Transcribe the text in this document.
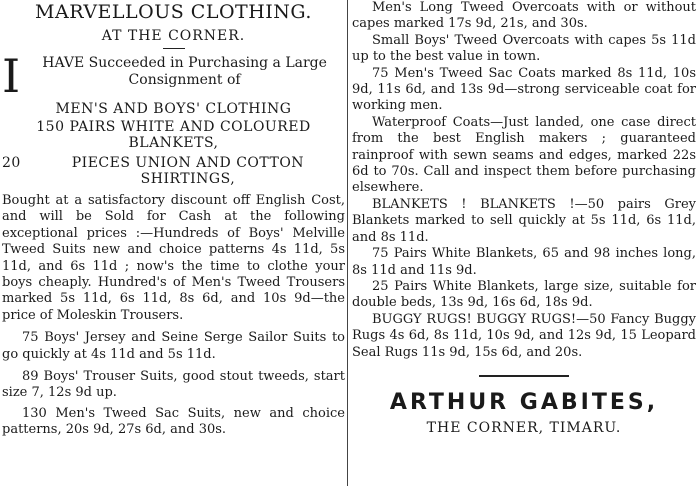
MARVELLOUS CLOTHING.
AT THE CORNER.
I	HAVE Succeeded in Purchasing a Large Consignment of
MEN'S AND BOYS' CLOTHING
150 PAIRS WHITE AND COLOURED BLANKETS,
20	PIECES UNION AND COTTON SHIRTINGS,

Bought at a satisfactory discount off English Cost, and will be Sold for Cash at the following exceptional prices :—Hundreds of Boys' Melville Tweed Suits new and choice patterns 4s 11d, 5s 11d, and 6s 11d ; now's the time to clothe your boys cheaply. Hundred's of Men's Tweed Trousers marked 5s 11d, 6s 11d, 8s 6d, and 10s 9d—the price of Moleskin Trousers.

75 Boys' Jersey and Seine Serge Sailor Suits to go quickly at 4s 11d and 5s 11d.

89 Boys' Trouser Suits, good stout tweeds, start size 7, 12s 9d up.

130 Men's Tweed Sac Suits, new and choice patterns, 20s 9d, 27s 6d, and 30s.

Men's Long Tweed Overcoats with or without capes marked 17s 9d, 21s, and 30s.

Small Boys' Tweed Overcoats with capes 5s 11d up to the best value in town.

75 Men's Tweed Sac Coats marked 8s 11d, 10s 9d, 11s 6d, and 13s 9d—strong serviceable coat for working men.

Waterproof Coats—Just landed, one case direct from the best English makers ; guaranteed rainproof with sewn seams and edges, marked 22s 6d to 70s. Call and inspect them before purchasing elsewhere.

BLANKETS ! BLANKETS !—50 pairs Grey Blankets marked to sell quickly at 5s 11d, 6s 11d, and 8s 11d.

75 Pairs White Blankets, 65 and 98 inches long, 8s 11d and 11s 9d.

25 Pairs White Blankets, large size, suitable for double beds, 13s 9d, 16s 6d, 18s 9d.

BUGGY RUGS! BUGGY RUGS!—50 Fancy Buggy Rugs 4s 6d, 8s 11d, 10s 9d, and 12s 9d, 15 Leopard Seal Rugs 11s 9d, 15s 6d, and 20s.

ARTHUR GABITES,
THE CORNER, TIMARU.
